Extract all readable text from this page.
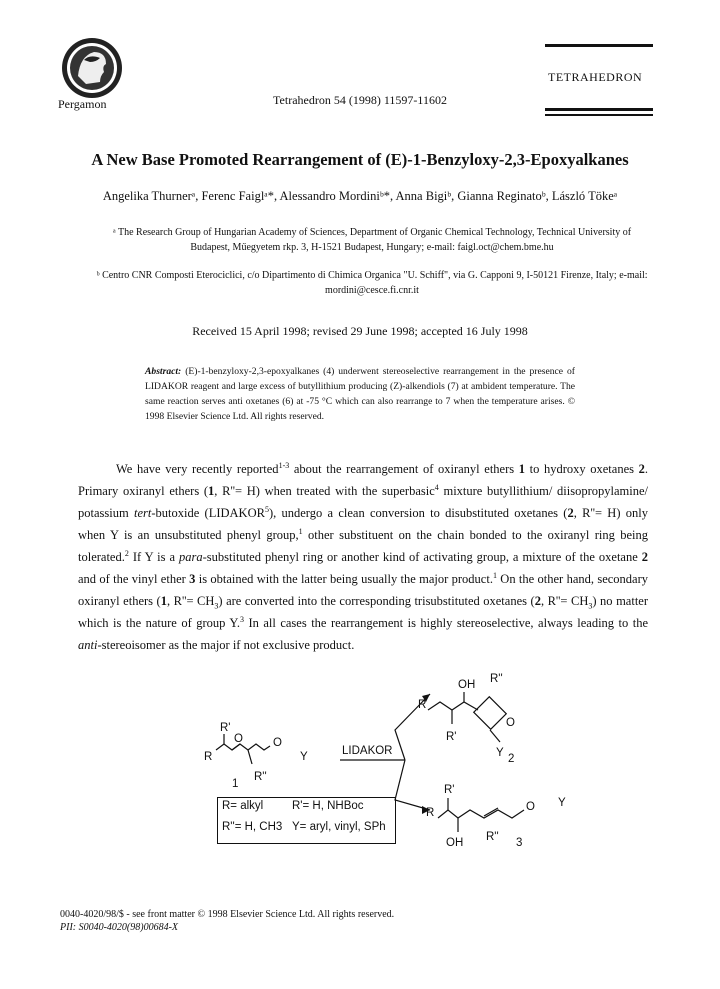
Pergamon	Tetrahedron 54 (1998) 11597-11602
TETRAHEDRON
A New Base Promoted Rearrangement of (E)-1-Benzyloxy-2,3-Epoxyalkanes
Angelika Thurnerᵃ, Ferenc Faiglᵃ*, Alessandro Mordiniᵇ*, Anna Bigiᵇ, Gianna Reginatoᵇ, László Tökeᵃ
ᵃ The Research Group of Hungarian Academy of Sciences, Department of Organic Chemical Technology, Technical University of Budapest, Műegyetem rkp. 3, H-1521 Budapest, Hungary; e-mail: faigl.oct@chem.bme.hu
ᵇ Centro CNR Composti Eterociclici, c/o Dipartimento di Chimica Organica "U. Schiff", via G. Capponi 9, I-50121 Firenze, Italy; e-mail: mordini@cesce.fi.cnr.it
Received 15 April 1998; revised 29 June 1998; accepted 16 July 1998
Abstract: (E)-1-benzyloxy-2,3-epoxyalkanes (4) underwent stereoselective rearrangement in the presence of LIDAKOR reagent and large excess of butyllithium producing (Z)-alkendiols (7) at ambident temperature. The same reaction serves anti oxetanes (6) at -75 °C which can also rearrange to 7 when the temperature arises. © 1998 Elsevier Science Ltd. All rights reserved.

We have very recently reported$^{1-3}$ about the rearrangement of oxiranyl ethers 1 to hydroxy oxetanes 2. Primary oxiranyl ethers (1, R''= H) when treated with the superbasic$^4$ mixture butyllithium/ diisopropylamine/ potassium tert-butoxide (LIDAKOR$^5$), undergo a clean conversion to disubstituted oxetanes (2, R''= H) only when Y is an unsubstituted phenyl group,$^1$ other substituent on the chain bonded to the oxiranyl ring being tolerated.$^2$ If Y is a para-substituted phenyl ring or another kind of activating group, a mixture of the oxetane 2 and of the vinyl ether 3 is obtained with the latter being usually the major product.$^1$ On the other hand, secondary oxiranyl ethers (1, $R''= CH_3$) are converted into the corresponding trisubstituted oxetanes (2, $R''= CH_3$) no matter which is the nature of group Y.$^3$ In all cases the rearrangement is highly stereoselective, always leading to the anti-stereoisomer as the major if not exclusive product.

R'
R
O	O
Y
1
R''
LIDAKOR
OH R''
R
O
R'
Y 2
R'
R	O Y
OH R'' 3
R= alkyl	R'= H, NHBoc
R''= H, CH3 Y= aryl, vinyl, SPh
0040-4020/98/$ - see front matter © 1998 Elsevier Science Ltd. All rights reserved.
PII: S0040-4020(98)00684-X
